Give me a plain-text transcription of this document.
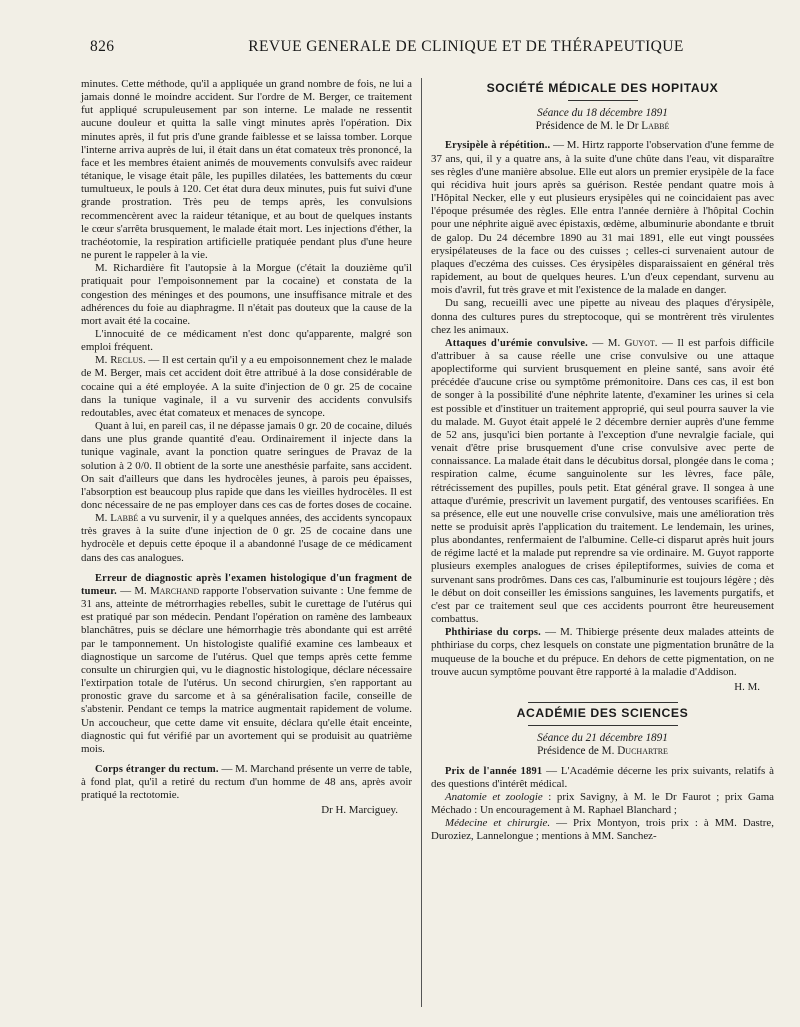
826	REVUE GENERALE DE CLINIQUE ET DE THÉRAPEUTIQUE

minutes. Cette méthode, qu'il a appliquée un grand nombre de fois, ne lui a jamais donné le moindre accident. Sur l'ordre de M. Berger, ce traitement fut appliqué scrupuleusement par son interne. Le malade ne ressentit aucune douleur et quitta la salle vingt minutes après l'opération. Dix minutes après, il fut pris d'une grande faiblesse et se laissa tomber. Lorque l'interne arriva auprès de lui, il était dans un état comateux très prononcé, la face et les membres étaient animés de mouvements convulsifs avec raideur tétanique, le visage était pâle, les pupilles dilatées, les battements du cœur tumultueux, le pouls à 120. Cet état dura deux minutes, puis fut suivi d'une grande prostration. Très peu de temps après, les convulsions recommencèrent avec la raideur tétanique, et au bout de quelques instants le cœur s'arrêta brusquement, le malade était mort. Les injections d'éther, la trachéotomie, la respiration artificielle pratiquée pendant plus d'une heure ne purent le rappeler à la vie.

M. Richardière fit l'autopsie à la Morgue (c'était la douzième qu'il pratiquait pour l'empoisonnement par la cocaine) et constata de la congestion des méninges et des poumons, une insuffisance mitrale et des adhérences du foie au diaphragme. Il n'était pas douteux que la cause de la mort avait été la cocaine.

L'innocuité de ce médicament n'est donc qu'apparente, malgré son emploi fréquent.

M. Reclus. — Il est certain qu'il y a eu empoisonnement chez le malade de M. Berger, mais cet accident doit être attribué à la dose considérable de cocaine qui a été employée. A la suite d'injection de 0 gr. 25 de cocaine dans la tunique vaginale, il a vu survenir des accidents convulsifs redoutables, avec état comateux et menaces de syncope.

Quant à lui, en pareil cas, il ne dépasse jamais 0 gr. 20 de cocaine, dilués dans une plus grande quantité d'eau. Ordinairement il injecte dans la tunique vaginale, avant la ponction quatre seringues de Pravaz de la solution à 2 0/0. Il obtient de la sorte une anesthésie parfaite, sans accident. On sait d'ailleurs que dans les hydrocèles jeunes, à parois peu épaisses, l'absorption est beaucoup plus rapide que dans les vieilles hydrocèles. Il est donc nécessaire de ne pas employer dans ces cas de fortes doses de cocaine.

M. Labbé a vu survenir, il y a quelques années, des accidents syncopaux très graves à la suite d'une injection de 0 gr. 25 de cocaine dans une hydrocèle et depuis cette époque il a abandonné l'usage de ce médicament dans des cas analogues.

Erreur de diagnostic après l'examen histologique d'un fragment de tumeur. — M. Marchand rapporte l'observation suivante : Une femme de 31 ans, atteinte de métrorrhagies rebelles, subit le curettage de l'utérus qui est pratiqué par son médecin. Pendant l'opération on ramène des lambeaux blanchâtres, puis se déclare une hémorrhagie très abondante qui est arrêté par le tamponnement. Un histologiste qualifié examine ces lambeaux et diagnostique un sarcome de l'utérus. Quel que temps après cette femme consulte un chirurgien qui, vu le diagnostic histologique, déclare nécessaire l'extirpation totale de l'utérus. Un second chirurgien, s'en rapportant au pronostic grave du sarcome et à sa généralisation facile, conseille de s'abstenir. Pendant ce temps la matrice augmentait rapidement de volume. Un accoucheur, que cette dame vit ensuite, déclara qu'elle était enceinte, diagnostic qui fut vérifié par un avortement qui se produisit au quatrième mois.

Corps étranger du rectum. — M. Marchand présente un verre de table, à fond plat, qu'il a retiré du rectum d'un homme de 48 ans, après avoir pratiqué la rectotomie.

Dr H. Marciguey.
SOCIÉTÉ MÉDICALE DES HOPITAUX
Séance du 18 décembre 1891
Présidence de M. le Dr Labbé

Erysipèle à répétition.. — M. Hirtz rapporte l'observation d'une femme de 37 ans, qui, il y a quatre ans, à la suite d'une chûte dans l'eau, vit disparaître ses règles d'une manière absolue. Elle eut alors un premier erysipèle de la face qui récidiva huit jours après sa guérison. Restée pendant quatre mois à l'Hôpital Necker, elle y eut plusieurs erysipèles qui ne coincidaient pas avec l'époque présumée des règles. Elle entra l'année dernière à l'hôpital Cochin pour une néphrite aiguë avec épistaxis, œdème, albuminurie abondante e tbruit de galop. Du 24 décembre 1890 au 31 mai 1891, elle eut vingt poussées erysipélateuses de la face ou des cuisses ; celles-ci survenaient autour de plaques d'eczéma des cuisses. Ces érysipèles disparaissaient en général très rapidement, au bout de quelques heures. L'un d'eux cependant, survenu au mois d'avril, fut très grave et mit l'existence de la malade en danger.

Du sang, recueilli avec une pipette au niveau des plaques d'érysipèle, donna des cultures pures du streptocoque, qui se montrèrent très virulentes chez les animaux.

Attaques d'urémie convulsive. — M. Guyot. — Il est parfois difficile d'attribuer à sa cause réelle une crise convulsive ou une attaque apoplectiforme qui survient brusquement en pleine santé, sans avoir été précédée d'aucune crise ou symptôme prémonitoire. Dans ces cas, il est bon de songer à la possibilité d'une néphrite latente, d'examiner les urines si cela est possible et d'instituer un traitement approprié, qui seul pourra sauver la vie du malade. M. Guyot était appelé le 2 décembre dernier auprès d'une femme de 52 ans, jusqu'ici bien portante à l'exception d'une nevralgie faciale, qui venait d'être prise brusquement d'une crise convulsive avec perte de connaissance. La malade était dans le décubitus dorsal, plongée dans le coma ; respiration calme, écume sanguinolente sur les lèvres, face pâle, rétrécissement des pupilles, pouls petit. Etat général grave. Il songea à une attaque d'urémie, prescrivit un lavement purgatif, des ventouses scarifiées. En sa présence, elle eut une nouvelle crise convulsive, mais une amélioration très nette se produisit après l'application du traitement. Le lendemain, les urines, plus abondantes, renfermaient de l'albumine. Celle-ci disparut après huit jours de régime lacté et la malade put reprendre sa vie ordinaire. M. Guyot rapporte plusieurs exemples analogues de crises épileptiformes, suivies de coma et survenant sans prodrômes. Dans ces cas, l'albuminurie est toujours légère ; dès le début on doit conseiller les émissions sanguines, les lavements purgatifs, et c'est par ce traitement seul que ces accidents pourront être heureusement combattus.

Phthiriase du corps. — M. Thibierge présente deux malades atteints de phthiriase du corps, chez lesquels on constate une pigmentation brunâtre de la muqueuse de la bouche et du prépuce. En dehors de cette pigmentation, on ne trouve aucun symptôme pouvant être rapporté à la maladie d'Addison.

H. M.
ACADÉMIE DES SCIENCES
Séance du 21 décembre 1891
Présidence de M. Duchartre

Prix de l'année 1891 — L'Académie décerne les prix suivants, relatifs à des questions d'intérêt médical.

Anatomie et zoologie : prix Savigny, à M. le Dr Faurot ; prix Gama Méchado : Un encouragement à M. Raphael Blanchard ;

Médecine et chirurgie. — Prix Montyon, trois prix : à MM. Dastre, Duroziez, Lannelongue ; mentions à MM. Sanchez-
